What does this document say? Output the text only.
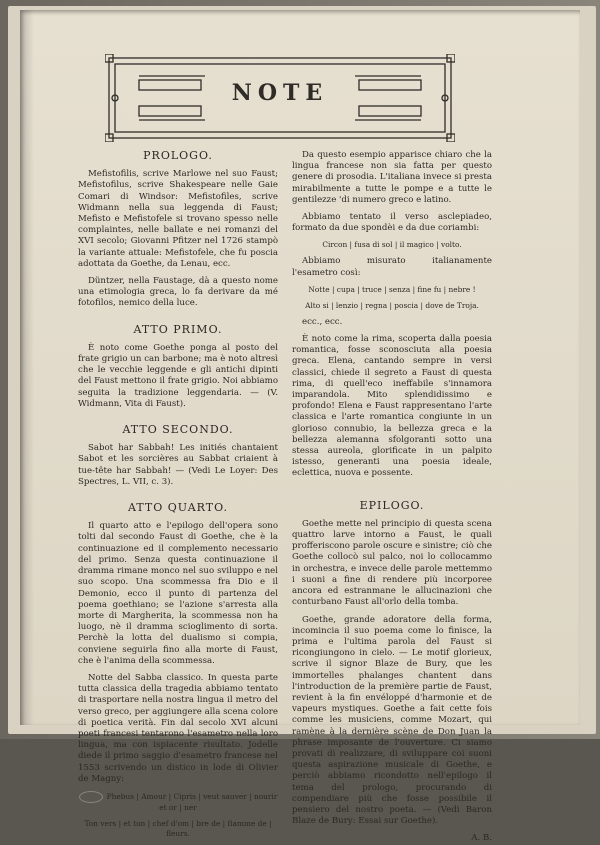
NOTE
PROLOGO.

Mefistofilis, scrive Marlowe nel suo Faust; Mefistofilus, scrive Shakespeare nelle Gaie Comari di Windsor: Mefistofiles, scrive Widmann nella sua leggenda di Faust; Mefisto e Mefistofele si trovano spesso nelle complaintes, nelle ballate e nei romanzi del XVI secolo; Giovanni Pfitzer nel 1726 stampò la variante attuale: Mefistofele, che fu poscia adottata da Goethe, da Lenau, ecc.

Düntzer, nella Faustage, dà a questo nome una etimologia greca, lo fa derivare da mé fotofilos, nemico della luce.

ATTO PRIMO.

È noto come Goethe ponga al posto del frate grigio un can barbone; ma è noto altresì che le vecchie leggende e gli antichi dipinti del Faust mettono il frate grigio. Noi abbiamo seguita la tradizione leggendaria. — (V. Widmann, Vita di Faust).

ATTO SECONDO.

Sabot har Sabbah! Les initiés chantaient Sabot et les sorcières au Sabbat criaient à tue-tête har Sabbah! — (Vedi Le Loyer: Des Spectres, L. VII, c. 3).

ATTO QUARTO.

Il quarto atto e l'epilogo dell'opera sono tolti dal secondo Faust di Goethe, che è la continuazione ed il complemento necessario del primo. Senza questa continuazione il dramma rimane monco nel suo sviluppo e nel suo scopo. Una scommessa fra Dio e il Demonio, ecco il punto di partenza del poema goethiano; se l'azione s'arresta alla morte di Margherita, la scommessa non ha luogo, nè il dramma scioglimento di sorta. Perchè la lotta del dualismo si compia, conviene seguirla fino alla morte di Faust, che è l'anima della scommessa.

Notte del Sabba classico. In questa parte tutta classica della tragedia abbiamo tentato di trasportare nella nostra lingua il metro del verso greco, per aggiungere alla scena colore di poetica verità. Fin dal secolo XVI alcuni poeti francesi tentarono l'esametro nella loro lingua, ma con ispiacente risultato. Jodelle diede il primo saggio d'esametro francese nel 1553 scrivendo un distico in lode di Olivier de Magny:

Phebus | Amour | Cipris | veut sauver | nourir et or | ner
Ton vers | et ton | chef d'om | bre de | flamme de | fleurs.

Da questo esempio apparisce chiaro che la lingua francese non sia fatta per questo genere di prosodia. L'italiana invece si presta mirabilmente a tutte le pompe e a tutte le gentilezze 'di numero greco e latino.

Abbiamo tentato il verso asclepiadeo, formato da due spondèi e da due coriambi:

Circon | fusa di sol | il magico | volto.

Abbiamo misurato italianamente l'esametro così:

Notte | cupa | truce | senza | fine fu | nebre !
Alto si | lenzio | regna | poscia | dove de Troja.

ecc., ecc.

È noto come la rima, scoperta dalla poesia romantica, fosse sconosciuta alla poesia greca. Elena, cantando sempre in versi classici, chiede il segreto a Faust di questa rima, di quell'eco ineffabile s'innamora imparandola. Mito splendidissimo e profondo! Elena e Faust rappresentano l'arte classica e l'arte romantica congiunte in un glorioso connubio, la bellezza greca e la bellezza alemanna sfolgoranti sotto una stessa aureola, glorificate in un palpito istesso, generanti una poesia ideale, eclettica, nuova e possente.

EPILOGO.

Goethe mette nel principio di questa scena quattro larve intorno a Faust, le quali profferiscono parole oscure e sinistre; ciò che Goethe collocò sul palco, noi lo collocammo in orchestra, e invece delle parole mettemmo i suoni a fine di rendere più incorporee ancora ed estranmane le allucinazioni che conturbano Faust all'orlo della tomba.

Goethe, grande adoratore della forma, incomincia il suo poema come lo finisce, la prima e l'ultima parola del Faust si ricongiungono in cielo. — Le motif glorieux, scrive il signor Blaze de Bury, que les immortelles phalanges chantent dans l'introduction de la première partie de Faust, revient à la fin envéloppé d'harmonie et de vapeurs mystiques. Goethe a fait cette fois comme les musiciens, comme Mozart, qui ramène à la dernière scène de Don Juan la phrase imposante de l'ouverture. Ci siamo provati di realizzare, di sviluppare coi suoni questa aspirazione musicale di Goethe, e perciò abbiamo ricondotto nell'epilogo il tema del prologo, procurando di compendiare più che fosse possibile il pensiero del nostro poeta. — (Vedi Baron Blaze de Bury: Essai sur Goethe).

A. B.
